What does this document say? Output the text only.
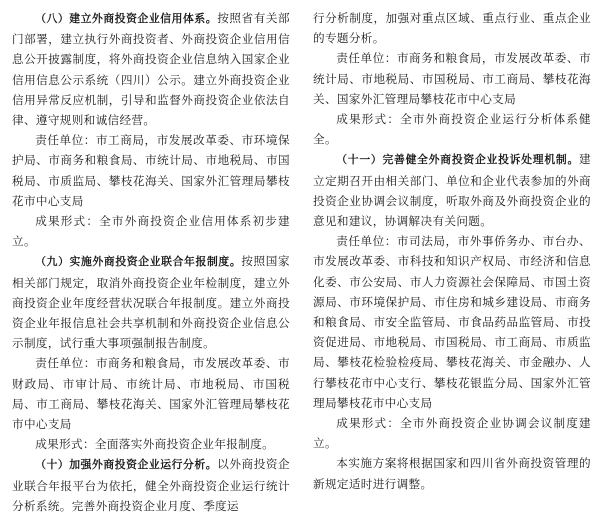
（八）建立外商投资企业信用体系。按照省有关部门部署，建立执行外商投资者、外商投资企业信用信息公开披露制度，将外商投资企业信息纳入国家企业信用信息公示系统（四川）公示。建立外商投资企业信用异常反应机制，引导和监督外商投资企业依法自律、遵守规则和诚信经营。

责任单位：市工商局，市发展改革委、市环境保护局、市商务和粮食局、市统计局、市地税局、市国税局、市质监局、攀枝花海关、国家外汇管理局攀枝花市中心支局

成果形式：全市外商投资企业信用体系初步建立。

（九）实施外商投资企业联合年报制度。按照国家相关部门规定，取消外商投资企业年检制度，建立外商投资企业年度经营状况联合年报制度。建立外商投资企业年报信息社会共享机制和外商投资企业信息公示制度，试行重大事项强制报告制度。

责任单位：市商务和粮食局，市发展改革委、市财政局、市审计局、市统计局、市地税局、市国税局、市工商局、攀枝花海关、国家外汇管理局攀枝花市中心支局

成果形式：全面落实外商投资企业年报制度。

（十）加强外商投资企业运行分析。以外商投资企业联合年报平台为依托，健全外商投资企业运行统计分析系统。完善外商投资企业月度、季度运

行分析制度，加强对重点区域、重点行业、重点企业的专题分析。

责任单位：市商务和粮食局，市发展改革委、市统计局、市地税局、市国税局、市工商局、攀枝花海关、国家外汇管理局攀枝花市中心支局

成果形式：全市外商投资企业运行分析体系健全。

（十一）完善健全外商投资企业投诉处理机制。建立定期召开由相关部门、单位和企业代表参加的外商投资企业协调会议制度，听取外商及外商投资企业的意见和建议，协调解决有关问题。

责任单位：市司法局，市外事侨务办、市台办、市发展改革委、市科技和知识产权局、市经济和信息化委、市公安局、市人力资源社会保障局、市国土资源局、市环境保护局、市住房和城乡建设局、市商务和粮食局、市安全监管局、市食品药品监管局、市投资促进局、市地税局、市国税局、市工商局、市质监局、攀枝花检验检疫局、攀枝花海关、市金融办、人行攀枝花市中心支行、攀枝花银监分局、国家外汇管理局攀枝花市中心支局

成果形式：全市外商投资企业协调会议制度建立。

本实施方案将根据国家和四川省外商投资管理的新规定适时进行调整。
